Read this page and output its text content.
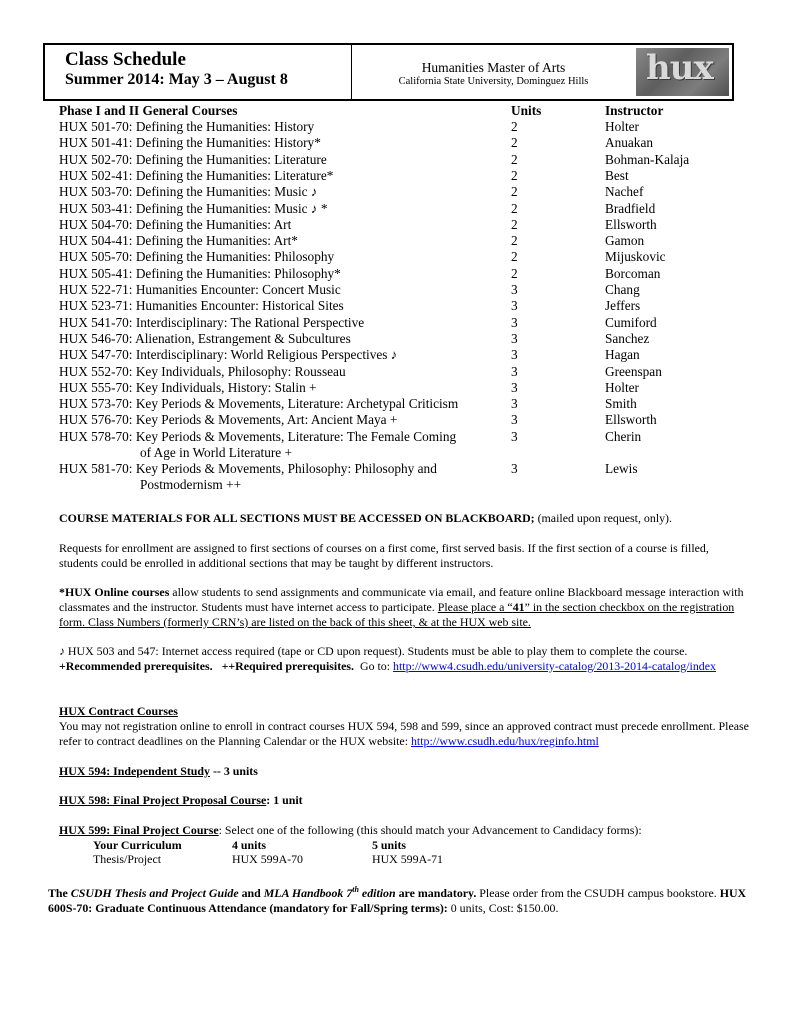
Class Schedule
Summer 2014: May 3 – August 8
Humanities Master of Arts
California State University, Dominguez Hills	hux
Phase I and II General Courses	Units	Instructor
HUX 501-70: Defining the Humanities: History	2	Holter
HUX 501-41: Defining the Humanities: History*	2	Anuakan
HUX 502-70: Defining the Humanities: Literature	2	Bohman-Kalaja
HUX 502-41: Defining the Humanities: Literature*	2	Best
HUX 503-70: Defining the Humanities: Music ♪	2	Nachef
HUX 503-41: Defining the Humanities: Music ♪ *	2	Bradfield
HUX 504-70: Defining the Humanities: Art	2	Ellsworth
HUX 504-41: Defining the Humanities: Art*	2	Gamon
HUX 505-70: Defining the Humanities: Philosophy	2	Mijuskovic
HUX 505-41: Defining the Humanities: Philosophy*	2	Borcoman
HUX 522-71: Humanities Encounter: Concert Music	3	Chang
HUX 523-71: Humanities Encounter: Historical Sites	3	Jeffers
HUX 541-70: Interdisciplinary: The Rational Perspective	3	Cumiford
HUX 546-70: Alienation, Estrangement & Subcultures	3	Sanchez
HUX 547-70: Interdisciplinary: World Religious Perspectives ♪	3	Hagan
HUX 552-70: Key Individuals, Philosophy: Rousseau	3	Greenspan
HUX 555-70: Key Individuals, History: Stalin +	3	Holter
HUX 573-70: Key Periods & Movements, Literature: Archetypal Criticism	3	Smith
HUX 576-70: Key Periods & Movements, Art: Ancient Maya +	3	Ellsworth
HUX 578-70: Key Periods & Movements, Literature: The Female Coming	3	Cherin
of Age in World Literature +
HUX 581-70: Key Periods & Movements, Philosophy: Philosophy and	3	Lewis
Postmodernism ++
COURSE MATERIALS FOR ALL SECTIONS MUST BE ACCESSED ON BLACKBOARD; (mailed upon request, only).
Requests for enrollment are assigned to first sections of courses on a first come, first served basis. If the first section of a course is filled, students could be enrolled in additional sections that may be taught by different instructors.
*HUX Online courses allow students to send assignments and communicate via email, and feature online Blackboard message interaction with classmates and the instructor. Students must have internet access to participate. Please place a “41” in the section checkbox on the registration form. Class Numbers (formerly CRN’s) are listed on the back of this sheet, & at the HUX web site.
♪ HUX 503 and 547: Internet access required (tape or CD upon request). Students must be able to play them to complete the course.
+Recommended prerequisites. ++Required prerequisites. Go to: http://www4.csudh.edu/university-catalog/2013-2014-catalog/index
HUX Contract Courses
You may not registration online to enroll in contract courses HUX 594, 598 and 599, since an approved contract must precede enrollment. Please refer to contract deadlines on the Planning Calendar or the HUX website: http://www.csudh.edu/hux/reginfo.html
HUX 594: Independent Study -- 3 units
HUX 598: Final Project Proposal Course: 1 unit
HUX 599: Final Project Course: Select one of the following (this should match your Advancement to Candidacy forms):
Your Curriculum	4 units	5 units
Thesis/Project	HUX 599A-70	HUX 599A-71
The CSUDH Thesis and Project Guide and MLA Handbook 7th edition are mandatory. Please order from the CSUDH campus bookstore. HUX 600S-70: Graduate Continuous Attendance (mandatory for Fall/Spring terms): 0 units, Cost: $150.00.
